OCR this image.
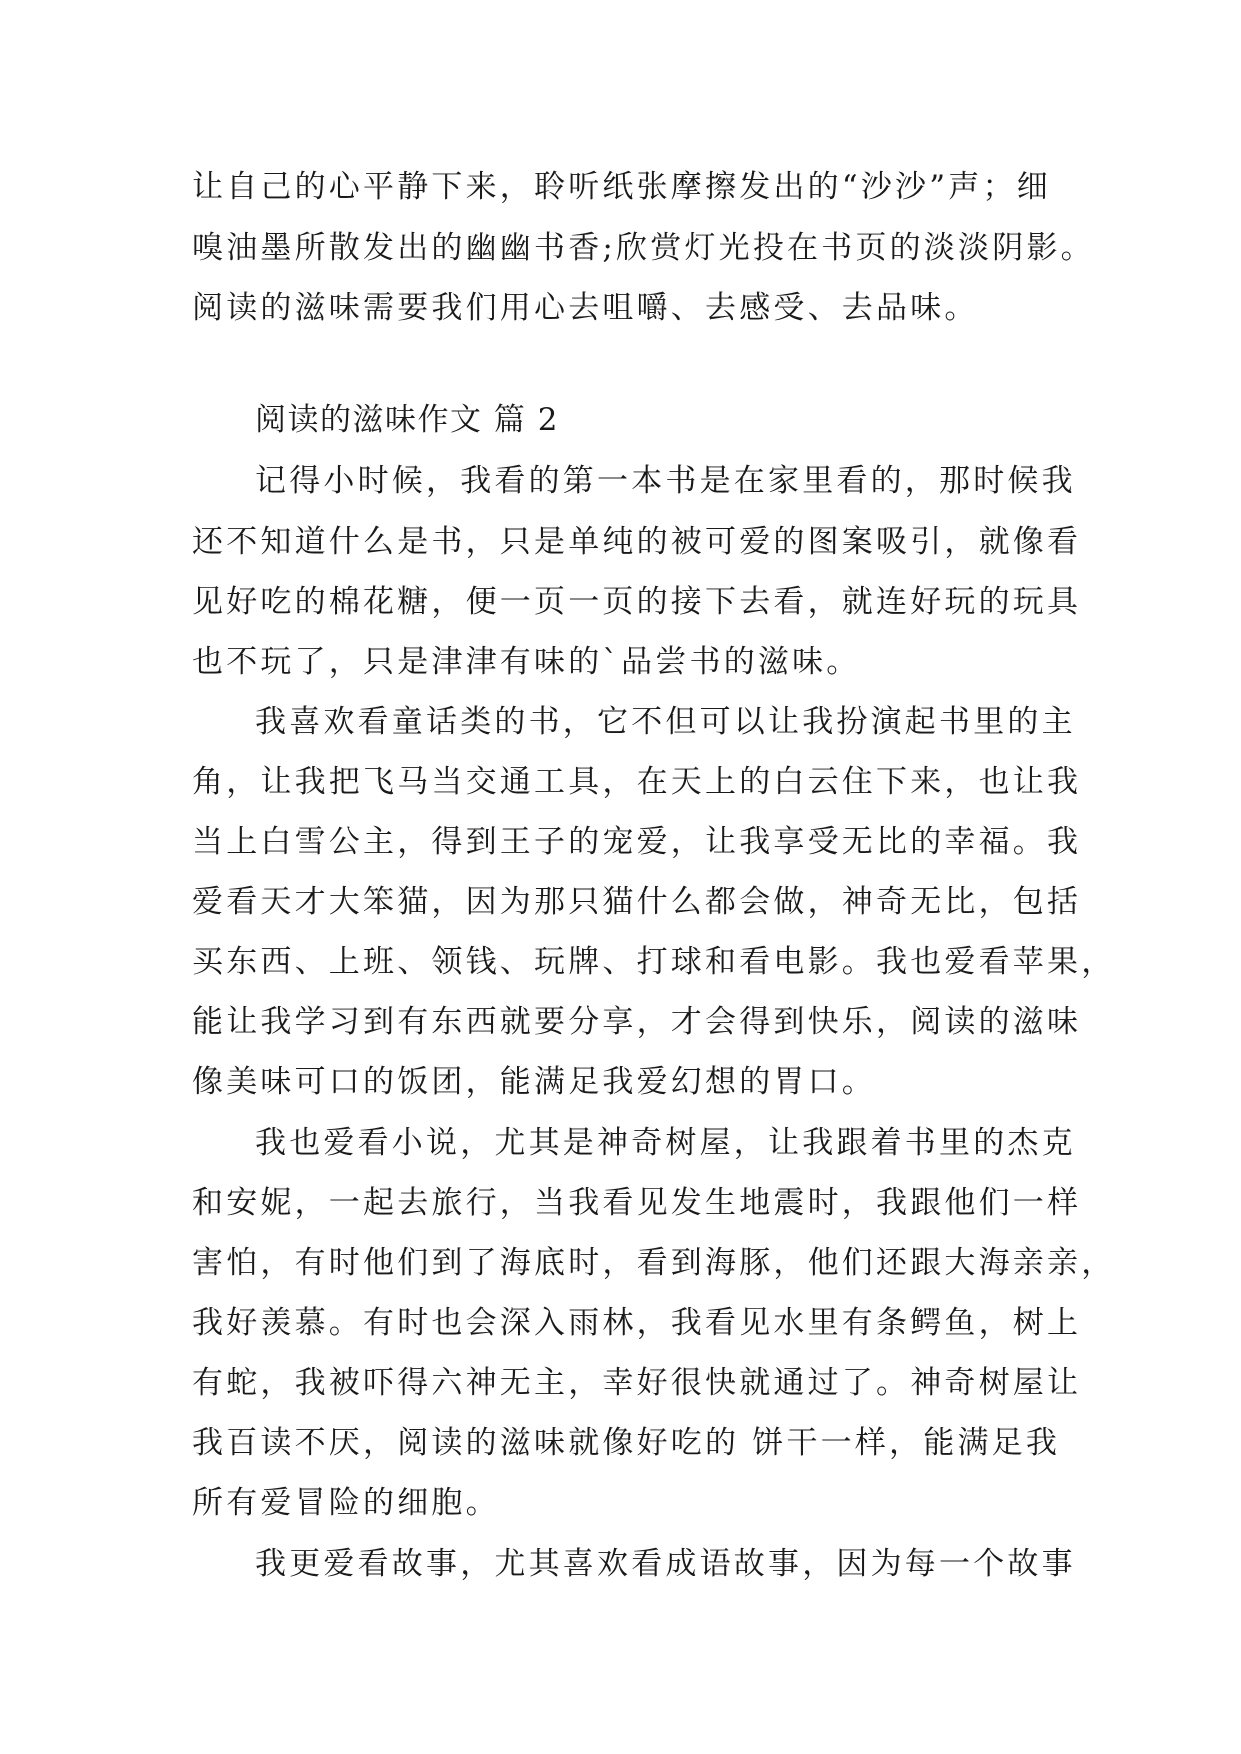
让自己的心平静下来，聆听纸张摩擦发出的“沙沙”声；细
嗅油墨所散发出的幽幽书香;欣赏灯光投在书页的淡淡阴影。
阅读的滋味需要我们用心去咀嚼、去感受、去品味。
阅读的滋味作文 篇 2
记得小时候，我看的第一本书是在家里看的，那时候我
还不知道什么是书，只是单纯的被可爱的图案吸引，就像看
见好吃的棉花糖，便一页一页的接下去看，就连好玩的玩具
也不玩了，只是津津有味的`品尝书的滋味。
我喜欢看童话类的书，它不但可以让我扮演起书里的主
角，让我把飞马当交通工具，在天上的白云住下来，也让我
当上白雪公主，得到王子的宠爱，让我享受无比的幸福。我
爱看天才大笨猫，因为那只猫什么都会做，神奇无比，包括
买东西、上班、领钱、玩牌、打球和看电影。我也爱看苹果，
能让我学习到有东西就要分享，才会得到快乐，阅读的滋味
像美味可口的饭团，能满足我爱幻想的胃口。
我也爱看小说，尤其是神奇树屋，让我跟着书里的杰克
和安妮，一起去旅行，当我看见发生地震时，我跟他们一样
害怕，有时他们到了海底时，看到海豚，他们还跟大海亲亲，
我好羡慕。有时也会深入雨林，我看见水里有条鳄鱼，树上
有蛇，我被吓得六神无主，幸好很快就通过了。神奇树屋让
我百读不厌，阅读的滋味就像好吃的 饼干一样，能满足我
所有爱冒险的细胞。
我更爱看故事，尤其喜欢看成语故事，因为每一个故事
